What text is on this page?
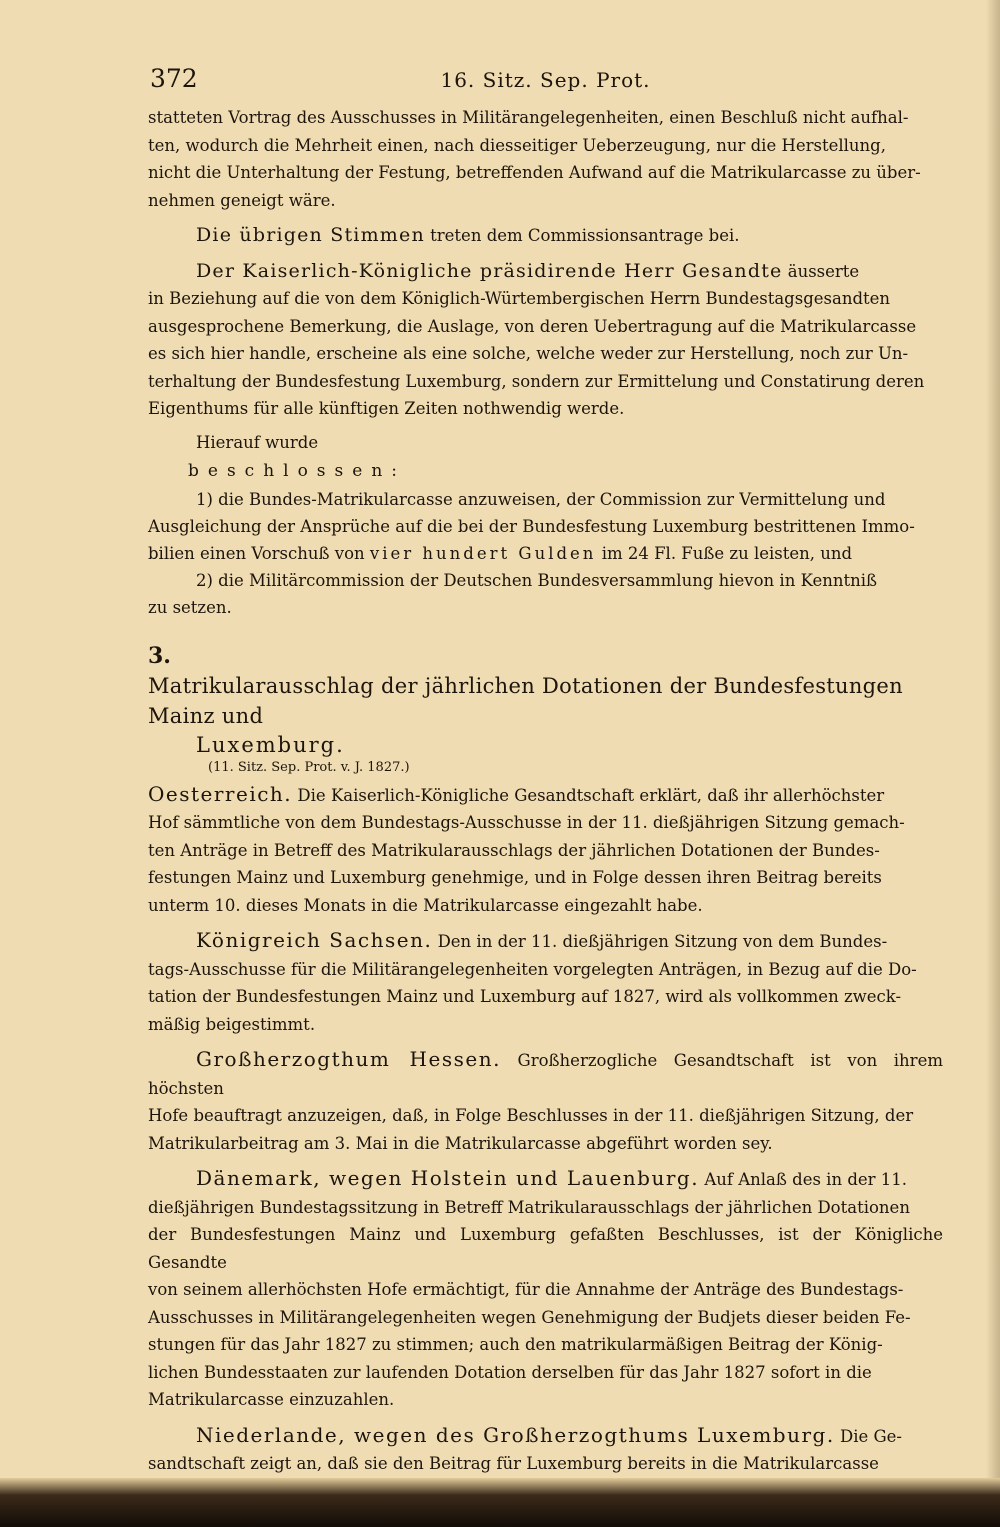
372	16. Sitz. Sep. Prot.

statteten Vortrag des Ausschusses in Militärangelegenheiten, einen Beschluß nicht aufhal-
ten, wodurch die Mehrheit einen, nach diesseitiger Ueberzeugung, nur die Herstellung,
nicht die Unterhaltung der Festung, betreffenden Aufwand auf die Matrikularcasse zu über-
nehmen geneigt wäre.

Die übrigen Stimmen treten dem Commissionsantrage bei.

Der Kaiserlich-Königliche präsidirende Herr Gesandte äusserte
in Beziehung auf die von dem Königlich-Würtembergischen Herrn Bundestagsgesandten
ausgesprochene Bemerkung, die Auslage, von deren Uebertragung auf die Matrikularcasse
es sich hier handle, erscheine als eine solche, welche weder zur Herstellung, noch zur Un-
terhaltung der Bundesfestung Luxemburg, sondern zur Ermittelung und Constatirung deren
Eigenthums für alle künftigen Zeiten nothwendig werde.

Hierauf wurde

beschlossen:

1) die Bundes-Matrikularcasse anzuweisen, der Commission zur Vermittelung und
Ausgleichung der Ansprüche auf die bei der Bundesfestung Luxemburg bestrittenen Immo-
bilien einen Vorschuß von vier hundert Gulden im 24 Fl. Fuße zu leisten, und

2) die Militärcommission der Deutschen Bundesversammlung hievon in Kenntniß
zu setzen.

3.

Matrikularausschlag der jährlichen Dotationen der Bundesfestungen Mainz und

Luxemburg.

(11. Sitz. Sep. Prot. v. J. 1827.)

Oesterreich. Die Kaiserlich-Königliche Gesandtschaft erklärt, daß ihr allerhöchster
Hof sämmtliche von dem Bundestags-Ausschusse in der 11. dießjährigen Sitzung gemach-
ten Anträge in Betreff des Matrikularausschlags der jährlichen Dotationen der Bundes-
festungen Mainz und Luxemburg genehmige, und in Folge dessen ihren Beitrag bereits
unterm 10. dieses Monats in die Matrikularcasse eingezahlt habe.

Königreich Sachsen. Den in der 11. dießjährigen Sitzung von dem Bundes-
tags-Ausschusse für die Militärangelegenheiten vorgelegten Anträgen, in Bezug auf die Do-
tation der Bundesfestungen Mainz und Luxemburg auf 1827, wird als vollkommen zweck-
mäßig beigestimmt.

Großherzogthum Hessen. Großherzogliche Gesandtschaft ist von ihrem höchsten
Hofe beauftragt anzuzeigen, daß, in Folge Beschlusses in der 11. dießjährigen Sitzung, der
Matrikularbeitrag am 3. Mai in die Matrikularcasse abgeführt worden sey.

Dänemark, wegen Holstein und Lauenburg. Auf Anlaß des in der 11.
dießjährigen Bundestagssitzung in Betreff Matrikularausschlags der jährlichen Dotationen
der Bundesfestungen Mainz und Luxemburg gefaßten Beschlusses, ist der Königliche Gesandte
von seinem allerhöchsten Hofe ermächtigt, für die Annahme der Anträge des Bundestags-
Ausschusses in Militärangelegenheiten wegen Genehmigung der Budjets dieser beiden Fe-
stungen für das Jahr 1827 zu stimmen; auch den matrikularmäßigen Beitrag der König-
lichen Bundesstaaten zur laufenden Dotation derselben für das Jahr 1827 sofort in die
Matrikularcasse einzuzahlen.

Niederlande, wegen des Großherzogthums Luxemburg. Die Ge-
sandtschaft zeigt an, daß sie den Beitrag für Luxemburg bereits in die Matrikularcasse
